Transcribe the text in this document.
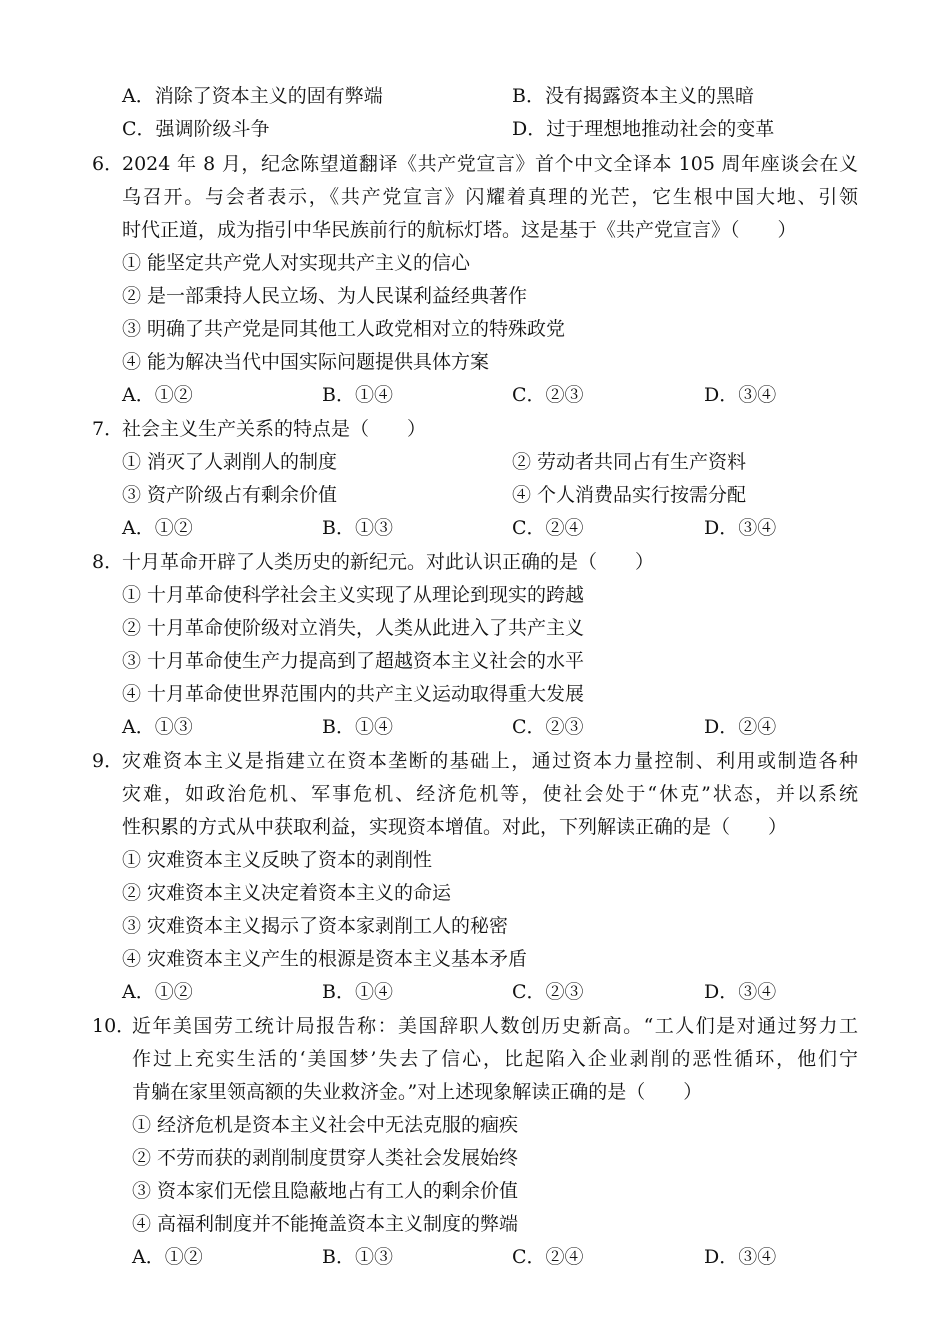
A．消除了资本主义的固有弊端	B．没有揭露资本主义的黑暗
C．强调阶级斗争	D．过于理想地推动社会的变革
6．
2024 年 8 月，纪念陈望道翻译《共产党宣言》首个中文全译本 105 周年座谈会在义
乌召开。与会者表示，《共产党宣言》闪耀着真理的光芒，它生根中国大地、引领
时代正道，成为指引中华民族前行的航标灯塔。这是基于《共产党宣言》（　　）
① 能坚定共产党人对实现共产主义的信心
② 是一部秉持人民立场、为人民谋利益经典著作
③ 明确了共产党是同其他工人政党相对立的特殊政党
④ 能为解决当代中国实际问题提供具体方案
A．①②	B．①④	C．②③	D．③④
7．
社会主义生产关系的特点是（　　）
① 消灭了人剥削人的制度	② 劳动者共同占有生产资料
③ 资产阶级占有剩余价值	④ 个人消费品实行按需分配
A．①②	B．①③	C．②④	D．③④
8．
十月革命开辟了人类历史的新纪元。对此认识正确的是（　　）
① 十月革命使科学社会主义实现了从理论到现实的跨越
② 十月革命使阶级对立消失，人类从此进入了共产主义
③ 十月革命使生产力提高到了超越资本主义社会的水平
④ 十月革命使世界范围内的共产主义运动取得重大发展
A．①③	B．①④	C．②③	D．②④
9．
灾难资本主义是指建立在资本垄断的基础上，通过资本力量控制、利用或制造各种
灾难，如政治危机、军事危机、经济危机等，使社会处于“休克”状态，并以系统
性积累的方式从中获取利益，实现资本增值。对此，下列解读正确的是（　　）
① 灾难资本主义反映了资本的剥削性
② 灾难资本主义决定着资本主义的命运
③ 灾难资本主义揭示了资本家剥削工人的秘密
④ 灾难资本主义产生的根源是资本主义基本矛盾
A．①②	B．①④	C．②③	D．③④
10．
近年美国劳工统计局报告称：美国辞职人数创历史新高。“工人们是对通过努力工
作过上充实生活的‘美国梦’失去了信心，比起陷入企业剥削的恶性循环，他们宁
肯躺在家里领高额的失业救济金。”对上述现象解读正确的是（　　）
① 经济危机是资本主义社会中无法克服的痼疾
② 不劳而获的剥削制度贯穿人类社会发展始终
③ 资本家们无偿且隐蔽地占有工人的剩余价值
④ 高福利制度并不能掩盖资本主义制度的弊端
A．①②	B．①③	C．②④	D．③④
